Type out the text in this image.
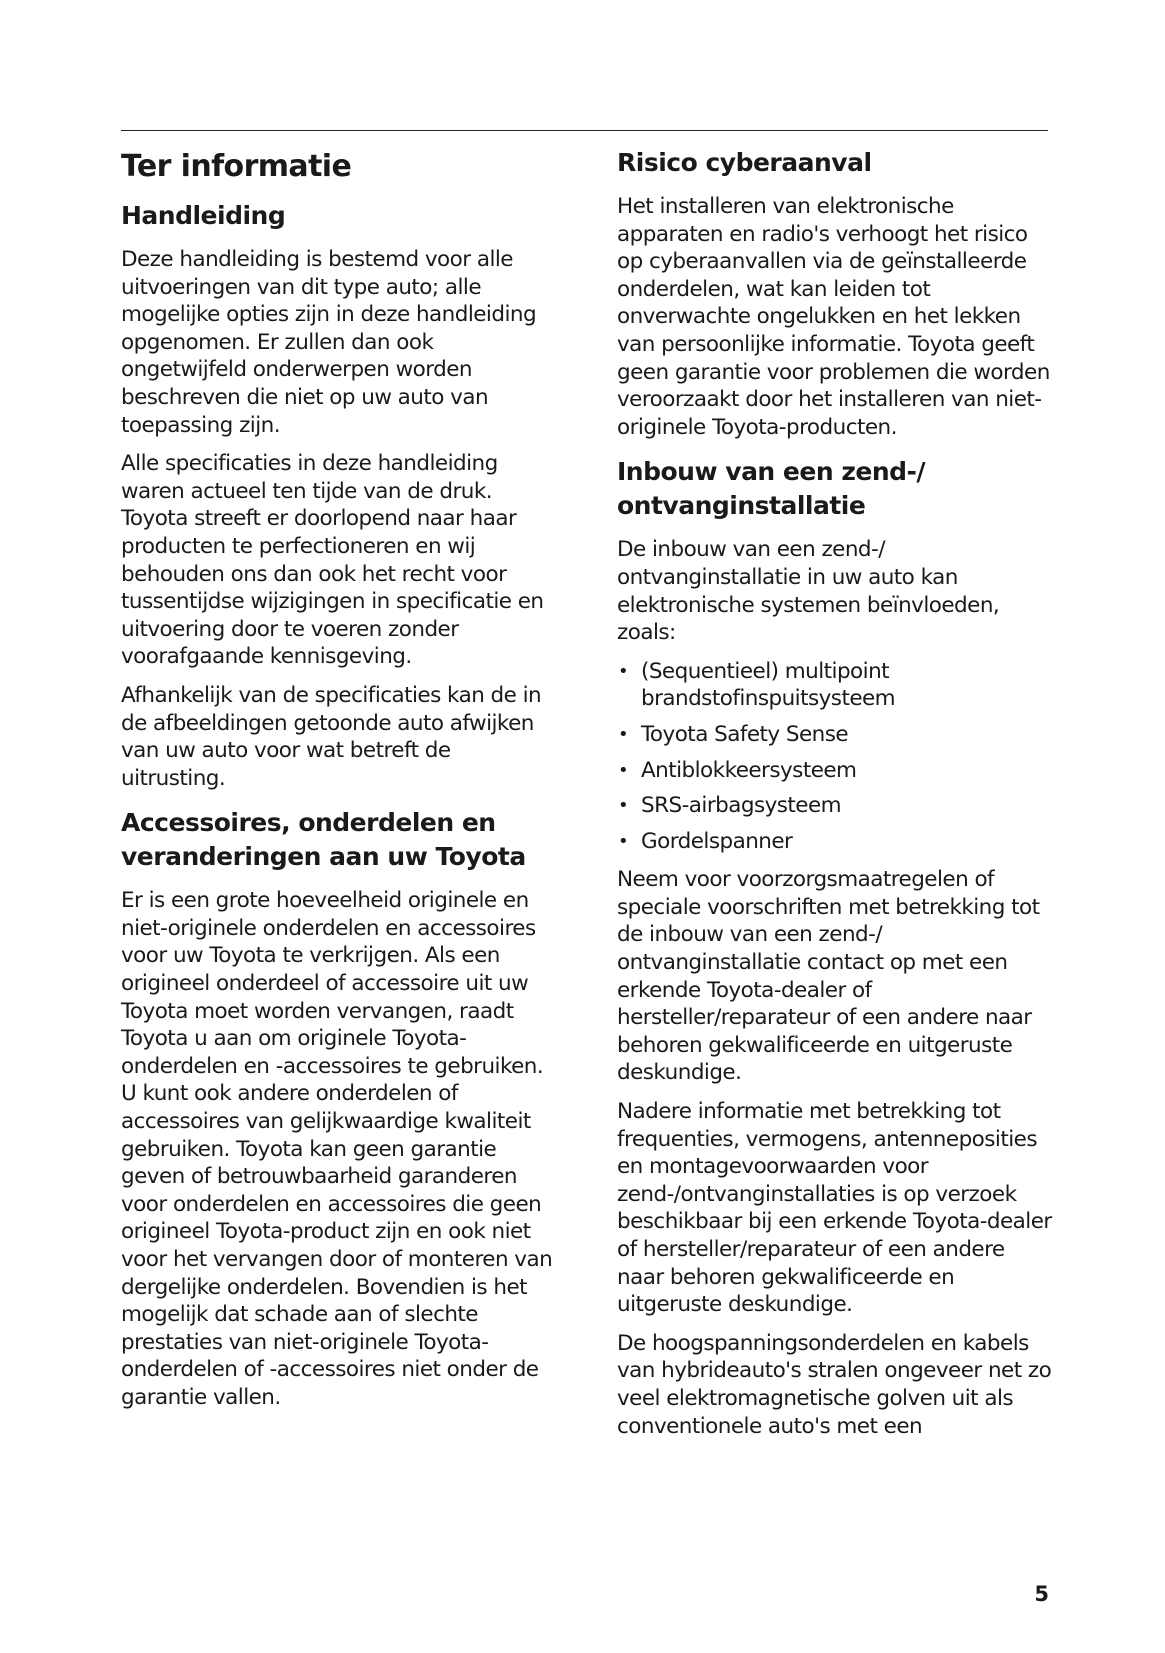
Ter informatie
Handleiding

Deze handleiding is bestemd voor alle uitvoeringen van dit type auto; alle mogelijke opties zijn in deze handleiding opgenomen. Er zullen dan ook ongetwijfeld onderwerpen worden beschreven die niet op uw auto van toepassing zijn.

Alle specificaties in deze handleiding waren actueel ten tijde van de druk. Toyota streeft er doorlopend naar haar producten te perfectioneren en wij behouden ons dan ook het recht voor tussentijdse wijzigingen in specificatie en uitvoering door te voeren zonder voorafgaande kennisgeving.

Afhankelijk van de specificaties kan de in de afbeeldingen getoonde auto afwijken van uw auto voor wat betreft de uitrusting.

Accessoires, onderdelen en veranderingen aan uw Toyota

Er is een grote hoeveelheid originele en niet-originele onderdelen en accessoires voor uw Toyota te verkrijgen. Als een origineel onderdeel of accessoire uit uw Toyota moet worden vervangen, raadt Toyota u aan om originele Toyota-onderdelen en -accessoires te gebruiken. U kunt ook andere onderdelen of accessoires van gelijkwaardige kwaliteit gebruiken. Toyota kan geen garantie geven of betrouwbaarheid garanderen voor onderdelen en accessoires die geen origineel Toyota-product zijn en ook niet voor het vervangen door of monteren van dergelijke onderdelen. Bovendien is het mogelijk dat schade aan of slechte prestaties van niet-originele Toyota-onderdelen of -accessoires niet onder de garantie vallen.

Risico cyberaanval

Het installeren van elektronische apparaten en radio's verhoogt het risico op cyberaanvallen via de geïnstalleerde onderdelen, wat kan leiden tot onverwachte ongelukken en het lekken van persoonlijke informatie. Toyota geeft geen garantie voor problemen die worden veroorzaakt door het installeren van niet-originele Toyota-producten.

Inbouw van een zend-/ ontvanginstallatie

De inbouw van een zend-/ ontvanginstallatie in uw auto kan elektronische systemen beïnvloeden, zoals:

• (Sequentieel) multipoint brandstofinspuitsysteem
• Toyota Safety Sense
• Antiblokkeersysteem
• SRS-airbagsysteem
• Gordelspanner

Neem voor voorzorgsmaatregelen of speciale voorschriften met betrekking tot de inbouw van een zend-/ ontvanginstallatie contact op met een erkende Toyota-dealer of hersteller/reparateur of een andere naar behoren gekwalificeerde en uitgeruste deskundige.

Nadere informatie met betrekking tot frequenties, vermogens, antenneposities en montagevoorwaarden voor zend-/ontvanginstallaties is op verzoek beschikbaar bij een erkende Toyota-dealer of hersteller/reparateur of een andere naar behoren gekwalificeerde en uitgeruste deskundige.

De hoogspanningsonderdelen en kabels van hybrideauto's stralen ongeveer net zo veel elektromagnetische golven uit als conventionele auto's met een

5
